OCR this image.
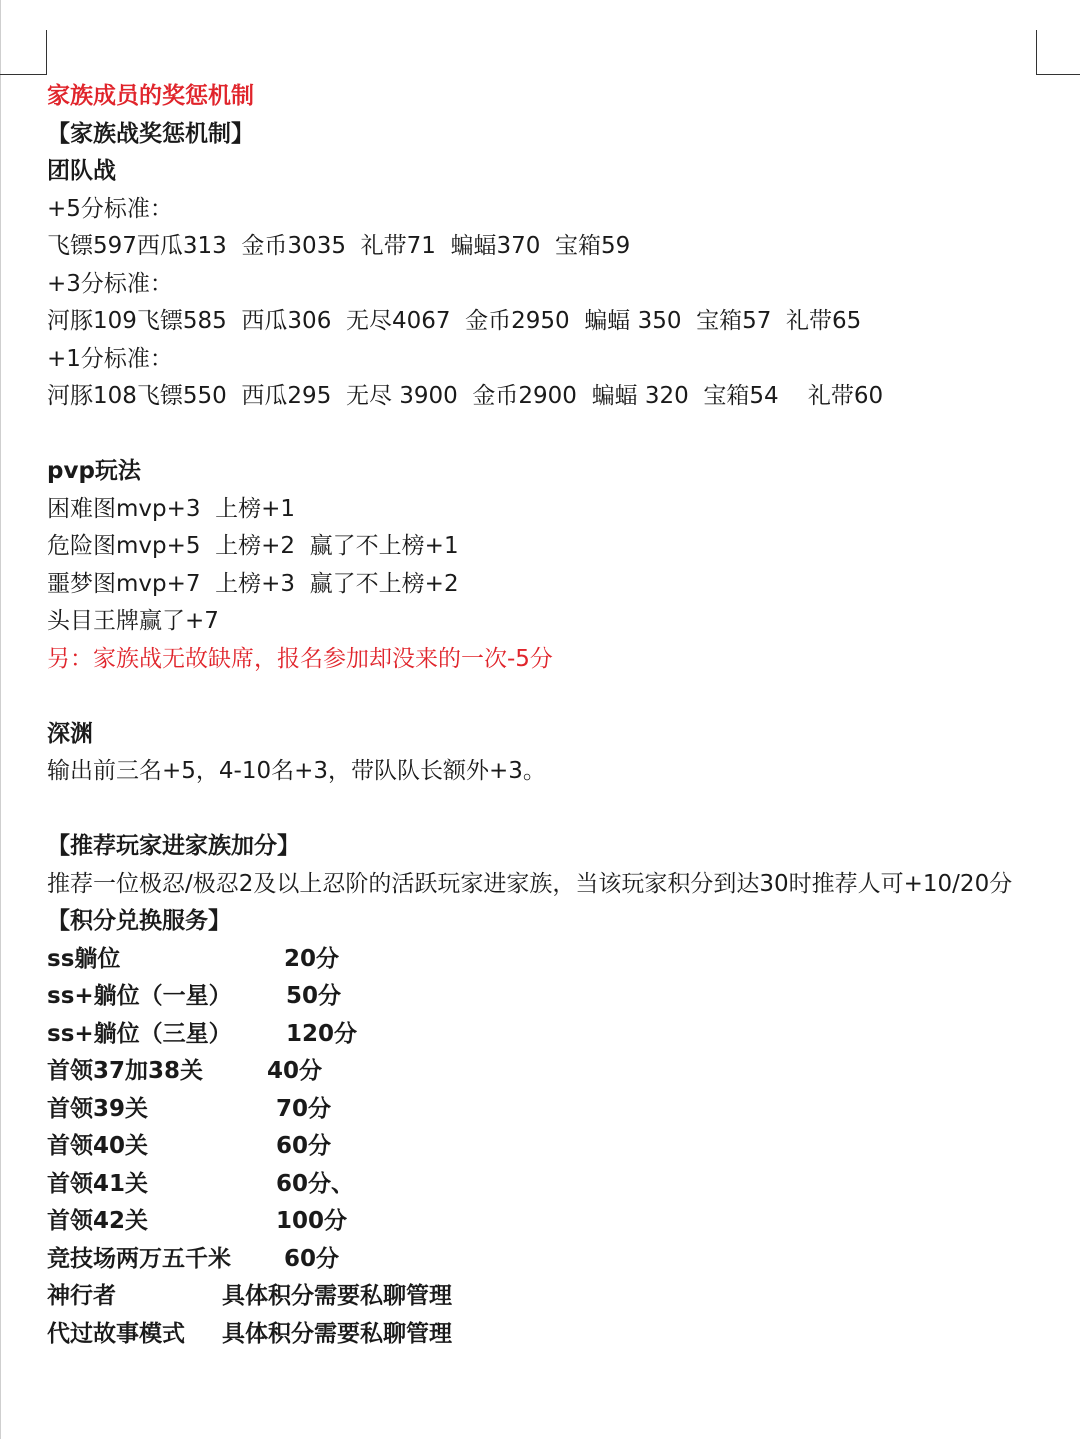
家族成员的奖惩机制
【家族战奖惩机制】
团队战
+5分标准：
飞镖597西瓜313  金币3035  礼带71  蝙蝠370  宝箱59
+3分标准：
河豚109飞镖585  西瓜306  无尽4067  金币2950  蝙蝠 350  宝箱57  礼带65
+1分标准：
河豚108飞镖550  西瓜295  无尽 3900  金币2900  蝙蝠 320  宝箱54    礼带60
pvp玩法
困难图mvp+3  上榜+1
危险图mvp+5  上榜+2  赢了不上榜+1
噩梦图mvp+7  上榜+3  赢了不上榜+2
头目王牌赢了+7
另：家族战无故缺席，报名参加却没来的一次-5分
深渊
输出前三名+5，4-10名+3，带队队长额外+3。
【推荐玩家进家族加分】
推荐一位极忍/极忍2及以上忍阶的活跃玩家进家族，当该玩家积分到达30时推荐人可+10/20分
【积分兑换服务】
ss躺位	20分
ss+躺位（一星）	50分
ss+躺位（三星）	120分
首领37加38关	40分
首领39关	70分
首领40关	60分
首领41关	60分、
首领42关	100分
竞技场两万五千米	60分
神行者	具体积分需要私聊管理
代过故事模式	具体积分需要私聊管理
